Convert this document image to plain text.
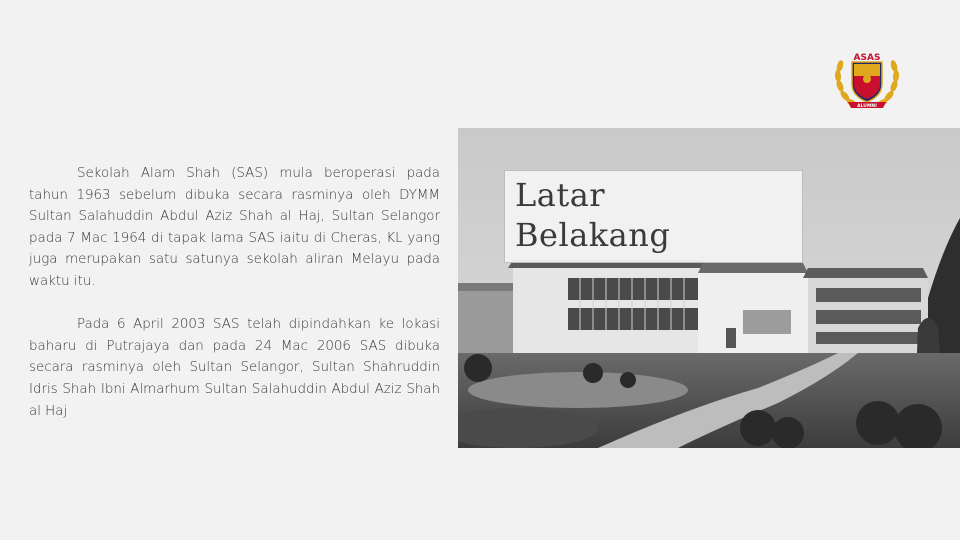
ASAS
ALUMNI

Sekolah Alam Shah (SAS) mula beroperasi pada tahun 1963 sebelum dibuka secara rasminya oleh DYMM Sultan Salahuddin Abdul Aziz Shah al Haj, Sultan Selangor pada 7 Mac 1964 di tapak lama SAS iaitu di Cheras, KL yang juga merupakan satu satunya sekolah aliran Melayu pada waktu itu.

Pada 6 April 2003 SAS telah dipindahkan ke lokasi baharu di Putrajaya dan pada 24 Mac 2006 SAS dibuka secara rasminya oleh Sultan Selangor, Sultan Shahruddin Idris Shah Ibni Almarhum Sultan Salahuddin Abdul Aziz Shah al Haj

Latar
Belakang
